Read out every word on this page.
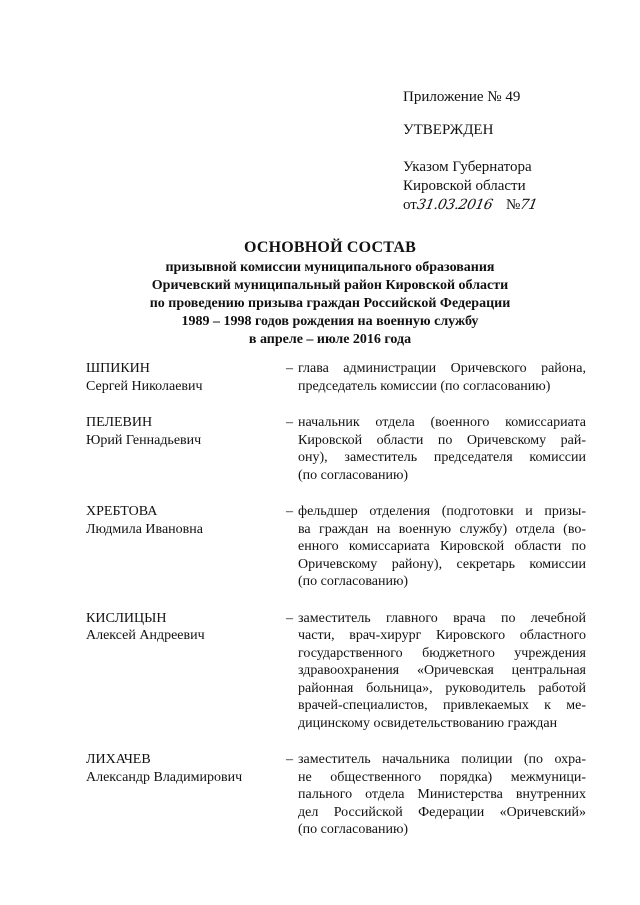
Приложение № 49
УТВЕРЖДЕН
Указом Губернатора
Кировской области
от31.03.2016 №71
ОСНОВНОЙ СОСТАВ
призывной комиссии муниципального образования
Оричевский муниципальный район Кировской области
по проведению призыва граждан Российской Федерации
1989 – 1998 годов рождения на военную службу
в апреле – июле 2016 года
ШПИКИН
Сергей Николаевич
– глава администрации Оричевского района,
председатель комиссии (по согласованию)
ПЕЛЕВИН
Юрий Геннадьевич
– начальник отдела (военного комиссариата
Кировской области по Оричевскому рай-
ону), заместитель председателя комиссии
(по согласованию)
ХРЕБТОВА
Людмила Ивановна
– фельдшер отделения (подготовки и призы-
ва граждан на военную службу) отдела (во-
енного комиссариата Кировской области по
Оричевскому району), секретарь комиссии
(по согласованию)
КИСЛИЦЫН
Алексей Андреевич
– заместитель главного врача по лечебной
части, врач-хирург Кировского областного
государственного бюджетного учреждения
здравоохранения «Оричевская центральная
районная больница», руководитель работой
врачей-специалистов, привлекаемых к ме-
дицинскому освидетельствованию граждан
ЛИХАЧЕВ
Александр Владимирович
– заместитель начальника полиции (по охра-
не общественного порядка) межмуници-
пального отдела Министерства внутренних
дел Российской Федерации «Оричевский»
(по согласованию)
